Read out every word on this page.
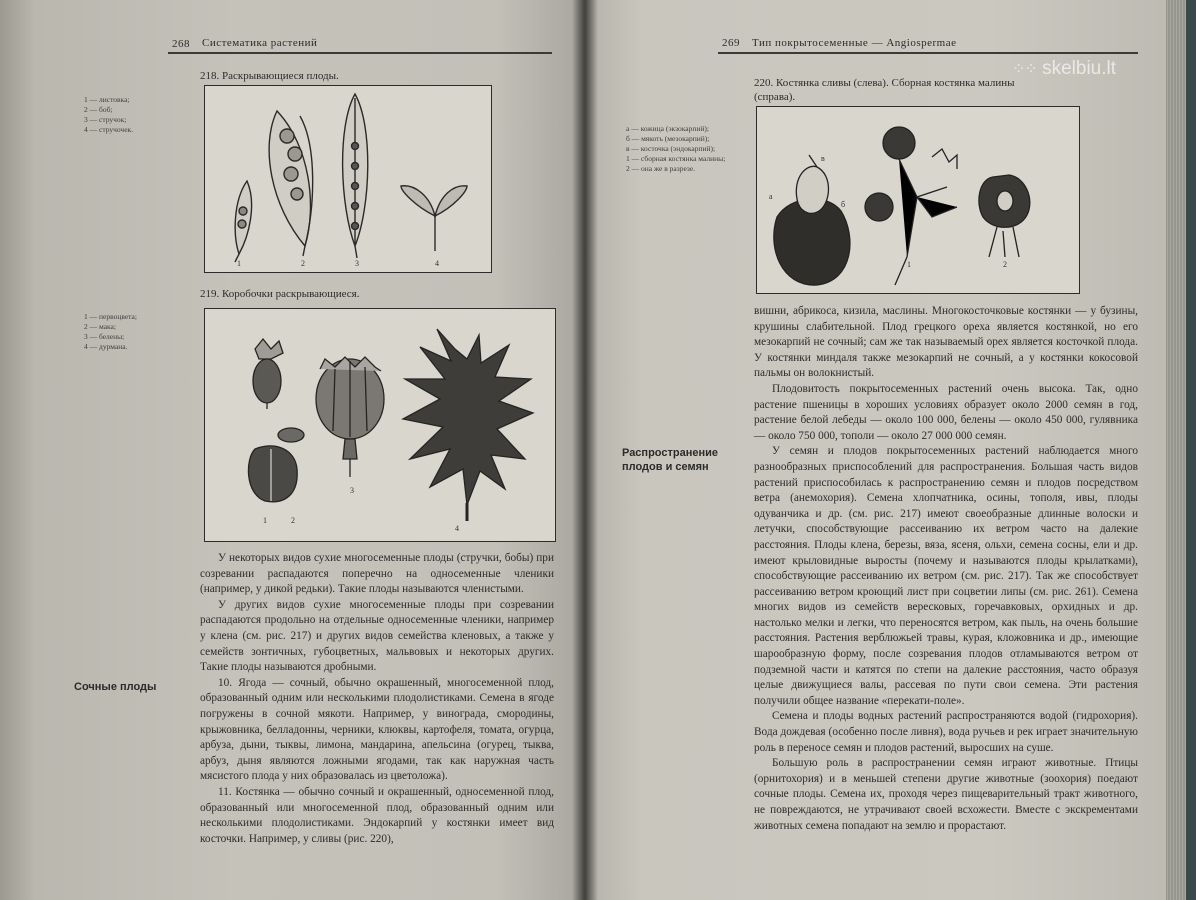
268 Систематика растений
218. Раскрывающиеся плоды.
1 — листовка;
2 — боб;
3 — стручок;
4 — стручочек.
1	2	3	4
219. Коробочки раскрывающиеся.
1 — первоцвета;
2 — мака;
3 — белены;
4 — дурмана.
1	2
3
4

У некоторых видов сухие многосеменные плоды (стручки, бобы) при созревании распадаются поперечно на односеменные членики (например, у дикой редьки). Такие плоды называются членистыми.

У других видов сухие многосеменные плоды при созревании распадаются продольно на отдельные односеменные членики, например у клена (см. рис. 217) и других видов семейства кленовых, а также у семейств зонтичных, губоцветных, мальвовых и некоторых других. Такие плоды называются дробными.

10. Ягода — сочный, обычно окрашенный, многосеменной плод, образованный одним или несколькими плодолистиками. Семена в ягоде погружены в сочной мякоти. Например, у винограда, смородины, крыжовника, белладонны, черники, клюквы, картофеля, томата, огурца, арбуза, дыни, тыквы, лимона, мандарина, апельсина (огурец, тыква, арбуз, дыня являются ложными ягодами, так как наружная часть мясистого плода у них образовалась из цветоложа).

11. Костянка — обычно сочный и окрашенный, односеменной плод, образованный или многосеменной плод, образованный одним или несколькими плодолистиками. Эндокарпий у костянки имеет вид косточки. Например, у сливы (рис. 220),

Сочные плоды
269 Тип покрытосеменные — Angiospermae
⁘⁘ skelbiu.lt
220. Костянка сливы (слева). Сборная костянка малины (справа).
а — кожица (экзокарпий);
б — мякоть (мезокарпий);
в — косточка (эндокарпий);
1 — сборная костянка малины;
2 — она же в разрезе.
а
б
в
1	2

вишни, абрикоса, кизила, маслины. Многокосточковые костянки — у бузины, крушины слабительной. Плод грецкого ореха является костянкой, но его мезокарпий не сочный; сам же так называемый орех является косточкой плода. У костянки миндаля также мезокарпий не сочный, а у костянки кокосовой пальмы он волокнистый.

Плодовитость покрытосеменных растений очень высока. Так, одно растение пшеницы в хороших условиях образует около 2000 семян в год, растение белой лебеды — около 100 000, белены — около 450 000, гулявника — около 750 000, тополи — около 27 000 000 семян.

У семян и плодов покрытосеменных растений наблюдается много разнообразных приспособлений для распространения. Большая часть видов растений приспособилась к распространению семян и плодов посредством ветра (анемохория). Семена хлопчатника, осины, тополя, ивы, плоды одуванчика и др. (см. рис. 217) имеют своеобразные длинные волоски и летучки, способствующие рассеиванию их ветром часто на далекие расстояния. Плоды клена, березы, вяза, ясеня, ольхи, семена сосны, ели и др. имеют крыловидные выросты (почему и называются плоды крылатками), способствующие рассеиванию их ветром (см. рис. 217). Так же способствует рассеиванию ветром кроющий лист при соцветии липы (см. рис. 261). Семена многих видов из семейств вересковых, горечавковых, орхидных и др. настолько мелки и легки, что переносятся ветром, как пыль, на очень большие расстояния. Растения верблюжьей травы, курая, кложовника и др., имеющие шарообразную форму, после созревания плодов отламываются ветром от подземной части и катятся по степи на далекие расстояния, часто образуя целые движущиеся валы, рассевая по пути свои семена. Эти растения получили общее название «перекати-поле».

Семена и плоды водных растений распространяются водой (гидрохория). Вода дождевая (особенно после ливня), вода ручьев и рек играет значительную роль в переносе семян и плодов растений, выросших на суше.

Большую роль в распространении семян играют животные. Птицы (орнитохория) и в меньшей степени другие животные (зоохория) поедают сочные плоды. Семена их, проходя через пищеварительный тракт животного, не повреждаются, не утрачивают своей всхожести. Вместе с экскрементами животных семена попадают на землю и прорастают.

Распространение плодов и семян
